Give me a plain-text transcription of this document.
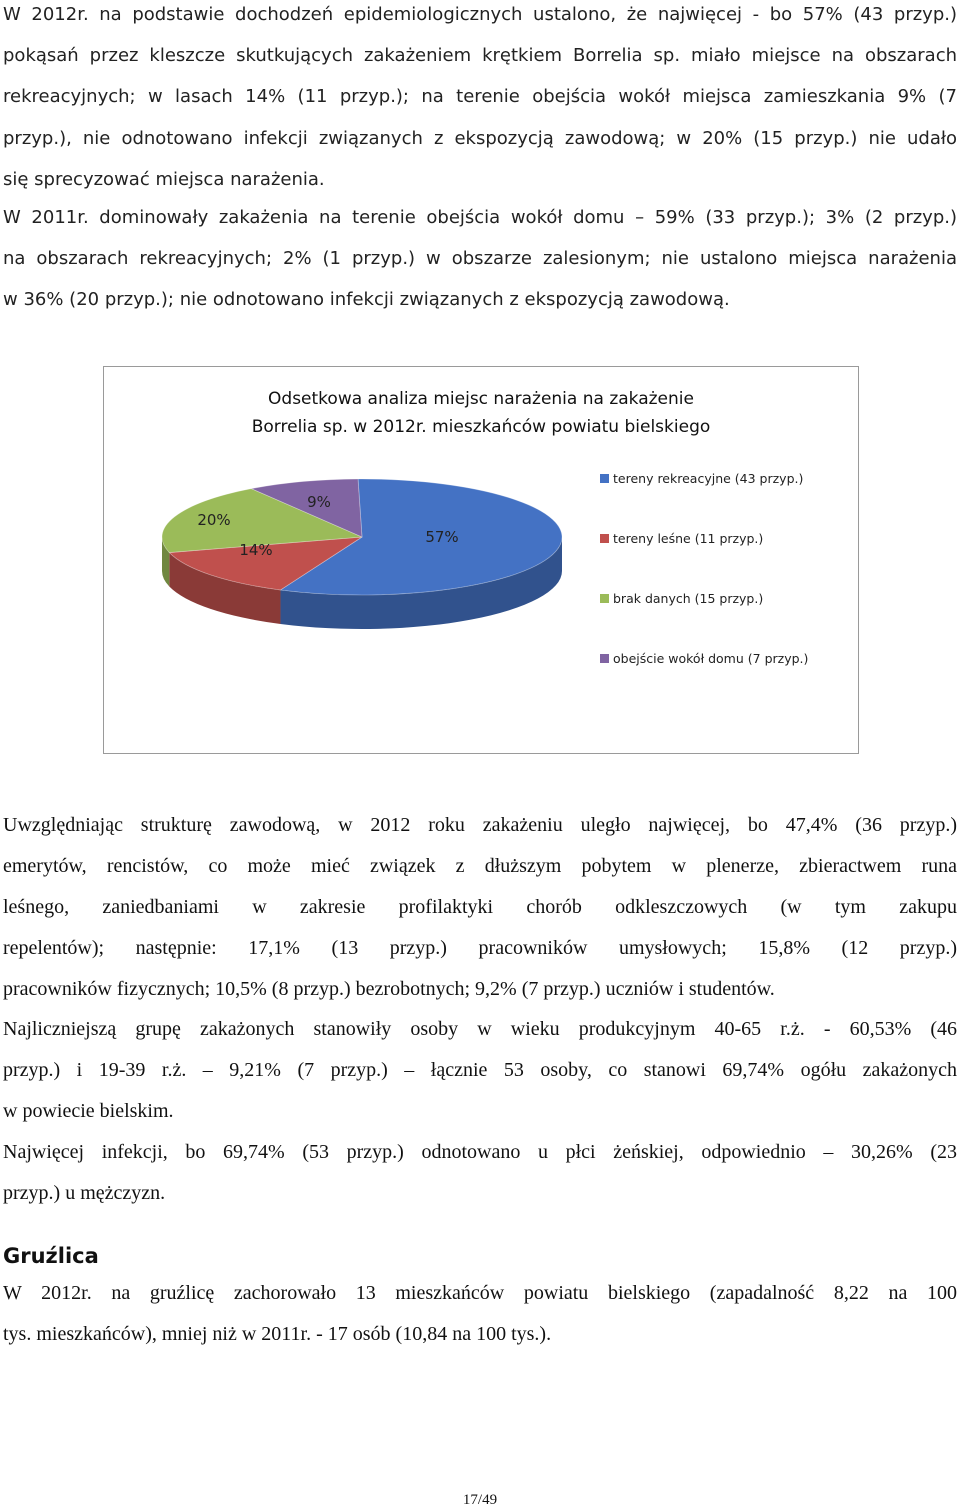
W 2012r. na podstawie dochodzeń epidemiologicznych ustalono, że najwięcej - bo 57% (43 przyp.)
pokąsań przez kleszcze skutkujących zakażeniem krętkiem Borrelia sp. miało miejsce na obszarach
rekreacyjnych; w lasach 14% (11 przyp.); na terenie obejścia wokół miejsca zamieszkania 9% (7
przyp.), nie odnotowano infekcji związanych z ekspozycją zawodową; w 20% (15 przyp.) nie udało
się sprecyzować miejsca narażenia.
W 2011r. dominowały zakażenia na terenie obejścia wokół domu – 59% (33 przyp.); 3% (2 przyp.)
na obszarach rekreacyjnych; 2% (1 przyp.) w obszarze zalesionym; nie ustalono miejsca narażenia
w 36% (20 przyp.); nie odnotowano infekcji związanych z ekspozycją zawodową.
Odsetkowa analiza miejsc narażenia na zakażenie
Borrelia sp. w 2012r. mieszkańców powiatu bielskiego
57%
14%
20%
9%
tereny rekreacyjne (43 przyp.)
tereny leśne (11 przyp.)
brak danych (15 przyp.)
obejście wokół domu (7 przyp.)
Uwzględniając strukturę zawodową, w 2012 roku zakażeniu uległo najwięcej, bo 47,4% (36 przyp.)
emerytów, rencistów, co może mieć związek z dłuższym pobytem w plenerze, zbieractwem runa
leśnego, zaniedbaniami w zakresie profilaktyki chorób odkleszczowych (w tym zakupu
repelentów); następnie: 17,1% (13 przyp.) pracowników umysłowych; 15,8% (12 przyp.)
pracowników fizycznych; 10,5% (8 przyp.) bezrobotnych; 9,2% (7 przyp.) uczniów i studentów.
Najliczniejszą grupę zakażonych stanowiły osoby w wieku produkcyjnym 40-65 r.ż. - 60,53% (46
przyp.) i 19-39 r.ż. – 9,21% (7 przyp.) – łącznie 53 osoby, co stanowi 69,74% ogółu zakażonych
w powiecie bielskim.
Najwięcej infekcji, bo 69,74% (53 przyp.) odnotowano u płci żeńskiej, odpowiednio – 30,26% (23
przyp.) u mężczyzn.
Gruźlica
W 2012r. na gruźlicę zachorowało 13 mieszkańców powiatu bielskiego (zapadalność 8,22 na 100
tys. mieszkańców), mniej niż w 2011r. - 17 osób (10,84 na 100 tys.).
17/49
